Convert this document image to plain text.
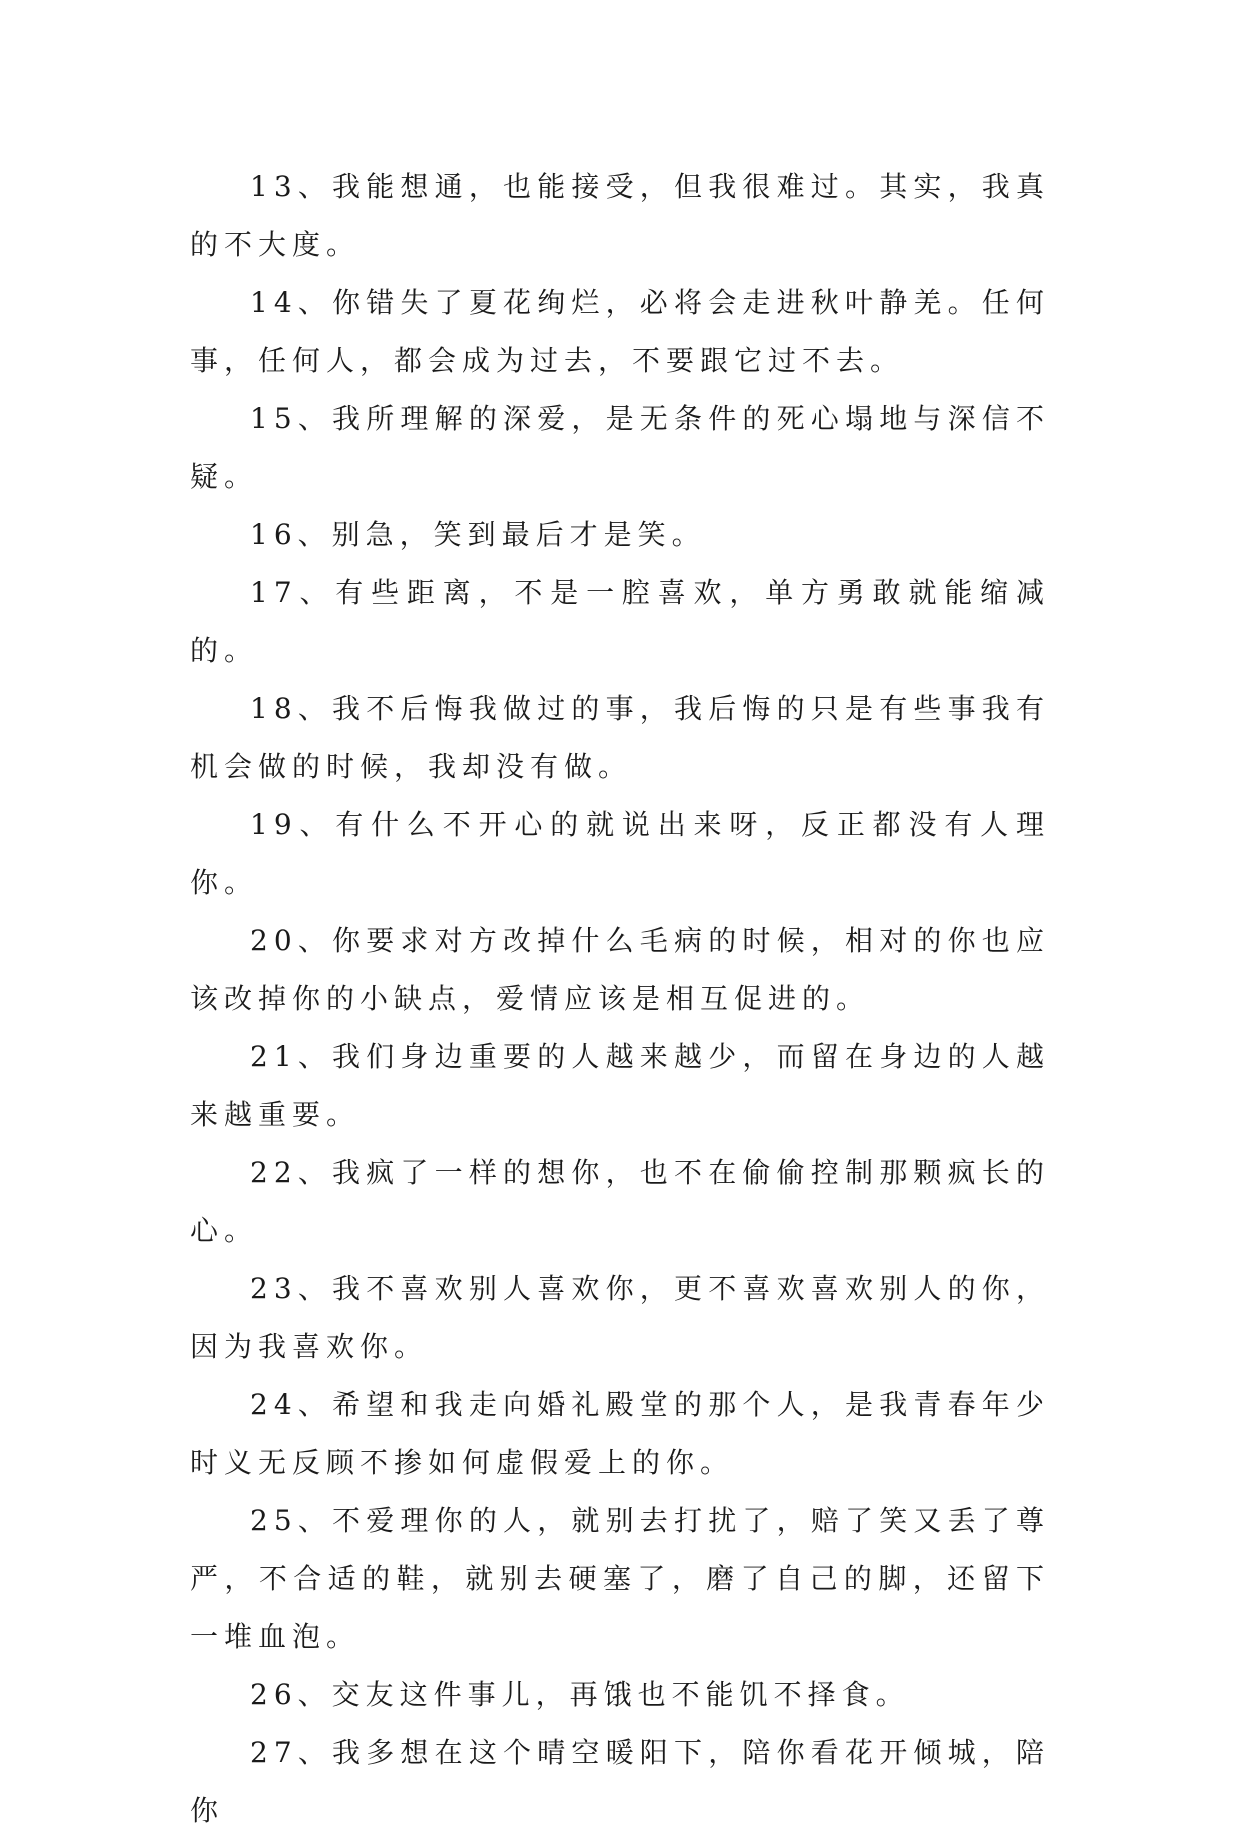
13、我能想通，也能接受，但我很难过。其实，我真的不大度。

14、你错失了夏花绚烂，必将会走进秋叶静羌。任何事，任何人，都会成为过去，不要跟它过不去。

15、我所理解的深爱，是无条件的死心塌地与深信不疑。

16、别急，笑到最后才是笑。

17、有些距离，不是一腔喜欢，单方勇敢就能缩减的。

18、我不后悔我做过的事，我后悔的只是有些事我有机会做的时候，我却没有做。

19、有什么不开心的就说出来呀，反正都没有人理你。

20、你要求对方改掉什么毛病的时候，相对的你也应该改掉你的小缺点，爱情应该是相互促进的。

21、我们身边重要的人越来越少，而留在身边的人越来越重要。

22、我疯了一样的想你，也不在偷偷控制那颗疯长的心。

23、我不喜欢别人喜欢你，更不喜欢喜欢别人的你，因为我喜欢你。

24、希望和我走向婚礼殿堂的那个人，是我青春年少时义无反顾不掺如何虚假爱上的你。

25、不爱理你的人，就别去打扰了，赔了笑又丢了尊严，不合适的鞋，就别去硬塞了，磨了自己的脚，还留下一堆血泡。

26、交友这件事儿，再饿也不能饥不择食。

27、我多想在这个晴空暖阳下，陪你看花开倾城，陪你
